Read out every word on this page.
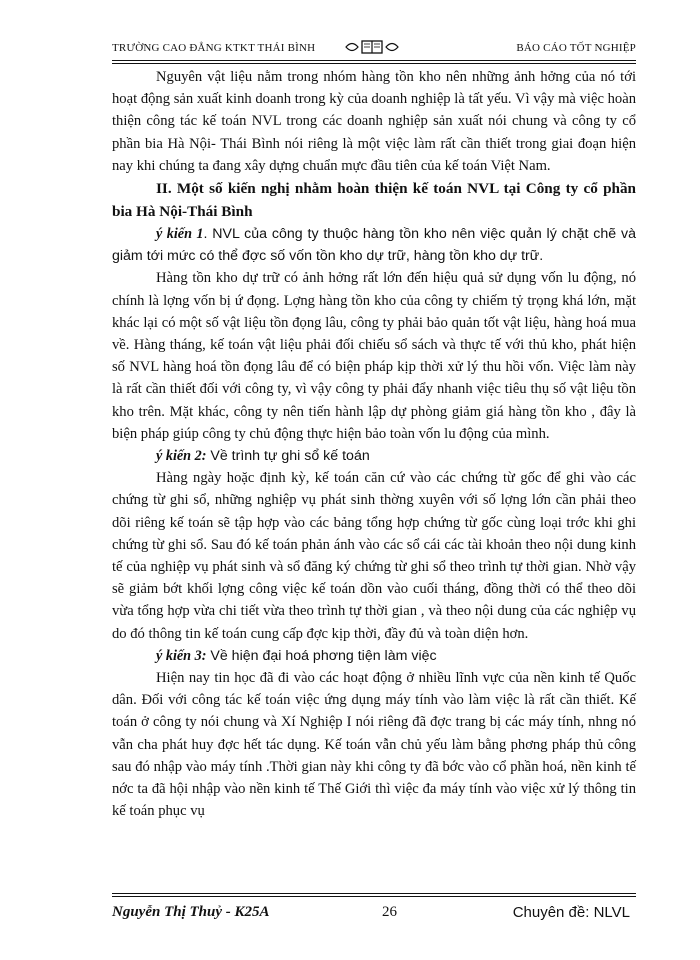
TRƯỜNG CAO ĐẲNG KTKT THÁI BÌNH	BÁO CÁO TỐT NGHIỆP

Nguyên vật liệu nằm trong nhóm hàng tồn kho nên những ảnh hởng của nó tới hoạt động sản xuất kinh doanh trong kỳ của doanh nghiệp là tất yếu. Vì vậy mà việc hoàn thiện công tác kế toán NVL trong các doanh nghiệp sản xuất nói chung và công ty cổ phần bia Hà Nội- Thái Bình nói riêng là một việc làm rất cần thiết trong giai đoạn hiện nay khi chúng ta đang xây dựng chuẩn mực đầu tiên của kế toán Việt Nam.

II. Một số kiến nghị nhằm hoàn thiện kế toán NVL tại Công ty cổ phần bia Hà Nội-Thái Bình

ý kiến 1. NVL của công ty thuộc hàng tồn kho nên việc quản lý chặt chẽ và giảm tới mức có thể đợc số vốn tồn kho dự trữ, hàng tồn kho dự trữ.

Hàng tồn kho dự trữ có ảnh hởng rất lớn đến hiệu quả sử dụng vốn lu động, nó chính là lợng vốn bị ứ đọng. Lợng hàng tồn kho của công ty chiếm tỷ trọng khá lớn, mặt khác lại có một số vật liệu tồn đọng lâu, công ty phải bảo quản tốt vật liệu, hàng hoá mua về. Hàng tháng, kế toán vật liệu phải đối chiếu sổ sách và thực tế với thủ kho, phát hiện số NVL hàng hoá tồn đọng lâu để có biện pháp kịp thời xử lý thu hồi vốn. Việc làm này là rất cần thiết đối với công ty, vì vậy công ty phải đẩy nhanh việc tiêu thụ số vật liệu tồn kho trên. Mặt khác, công ty nên tiến hành lập dự phòng giảm giá hàng tồn kho , đây là biện pháp giúp công ty chủ động thực hiện bảo toàn vốn lu động của mình.

ý kiến 2: Về trình tự ghi sổ kế toán

Hàng ngày hoặc định kỳ, kế toán căn cứ vào các chứng từ gốc để ghi vào các chứng từ ghi sổ, những nghiệp vụ phát sinh thờng xuyên với số lợng lớn cần phải theo dõi riêng kế toán sẽ tập hợp vào các bảng tổng hợp chứng từ gốc cùng loại trớc khi ghi chứng từ ghi sổ. Sau đó kế toán phản ánh vào các sổ cái các tài khoản theo nội dung kinh tế của nghiệp vụ phát sinh và sổ đăng ký chứng từ ghi sổ theo trình tự thời gian. Nhờ vậy sẽ giảm bớt khối lợng công việc kế toán dồn vào cuối tháng, đồng thời có thể theo dõi vừa tổng hợp vừa chi tiết vừa theo trình tự thời gian , và theo nội dung của các nghiệp vụ do đó thông tin kế toán cung cấp đợc kịp thời, đầy đủ và toàn diện hơn.

ý kiến 3: Về hiện đại hoá phơng tiện làm việc

Hiện nay tin học đã đi vào các hoạt động ở nhiều lĩnh vực của nền kinh tế Quốc dân. Đối với công tác kế toán việc ứng dụng máy tính vào làm việc là rất cần thiết. Kế toán ở công ty nói chung và Xí Nghiệp I nói riêng đã đợc trang bị các máy tính, nhng nó vẫn cha phát huy đợc hết tác dụng. Kế toán vẫn chủ yếu làm bằng phơng pháp thủ công sau đó nhập vào máy tính .Thời gian này khi công ty đã bớc vào cổ phần hoá, nền kinh tế nớc ta đã hội nhập vào nền kinh tế Thế Giới thì việc đa máy tính vào việc xử lý thông tin kế toán phục vụ

Nguyễn Thị Thuỷ - K25A	26	Chuyên đề: NLVL
